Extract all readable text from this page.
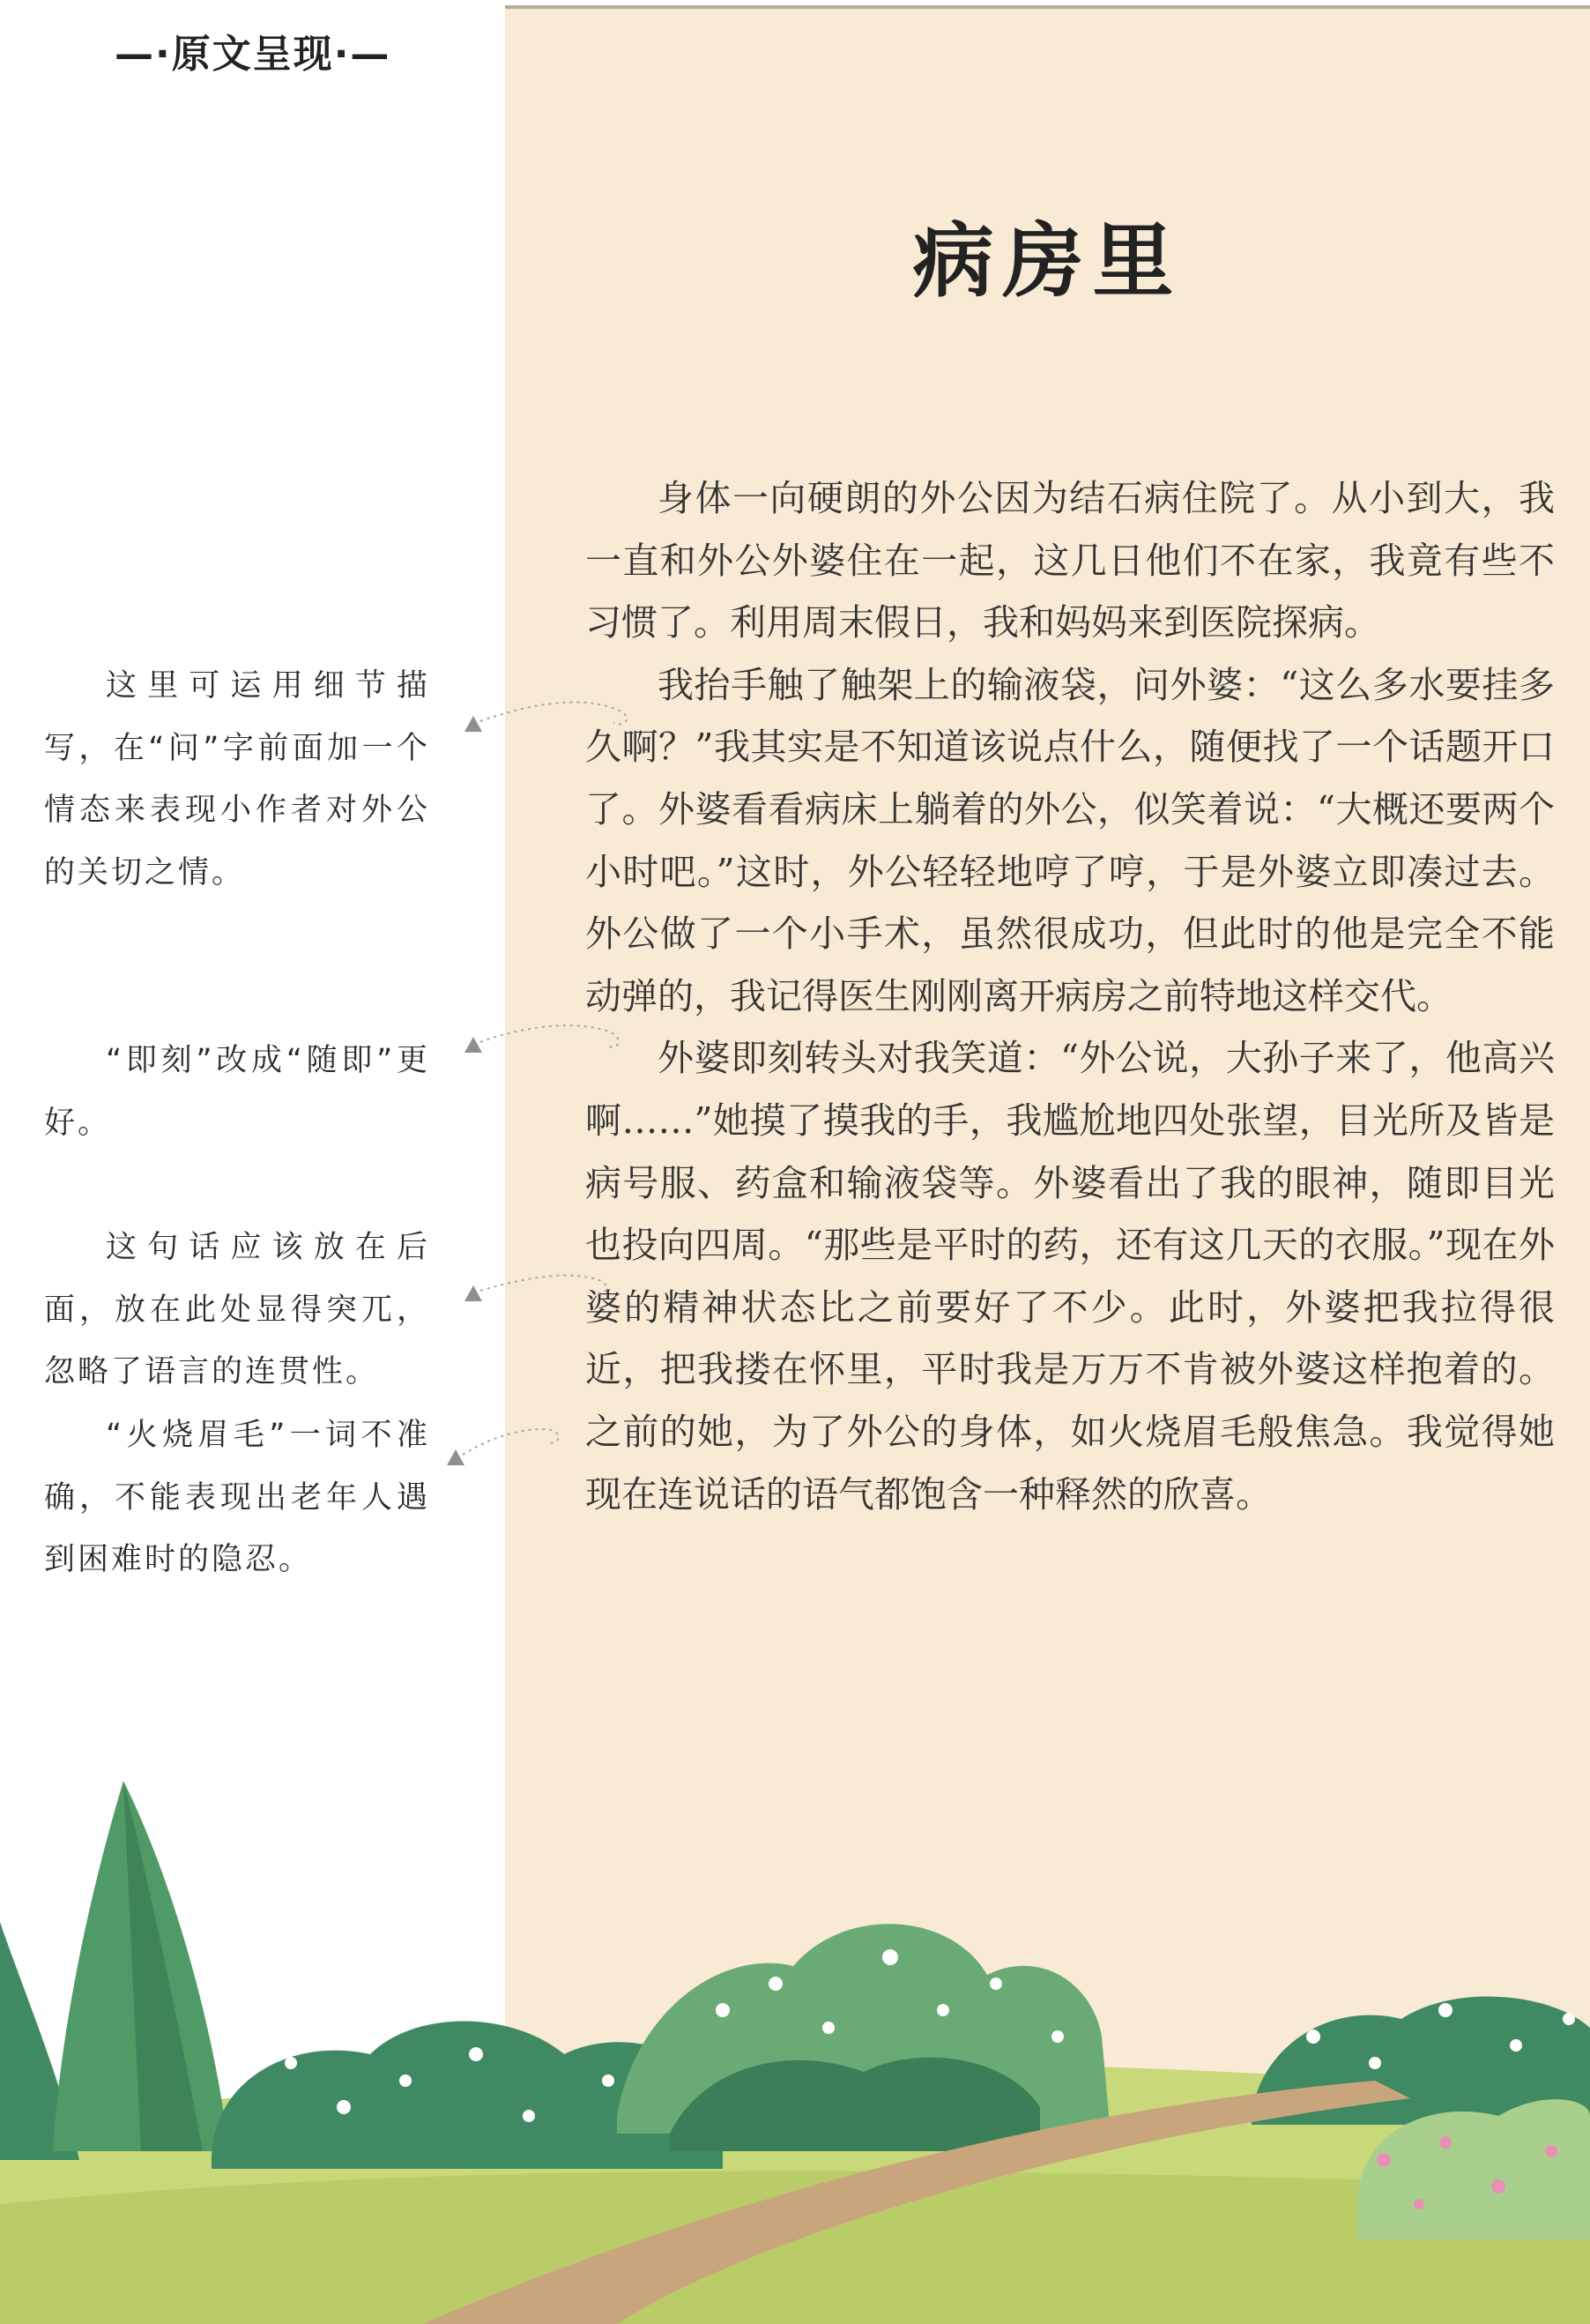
—·原文呈现·—
病房里

身体一向硬朗的外公因为结石病住院了。从小到大，我一直和外公外婆住在一起，这几日他们不在家，我竟有些不习惯了。利用周末假日，我和妈妈来到医院探病。

我抬手触了触架上的输液袋，问外婆：“这么多水要挂多久啊？”我其实是不知道该说点什么，随便找了一个话题开口了。外婆看看病床上躺着的外公，似笑着说：“大概还要两个小时吧。”这时，外公轻轻地哼了哼，于是外婆立即凑过去。外公做了一个小手术，虽然很成功，但此时的他是完全不能动弹的，我记得医生刚刚离开病房之前特地这样交代。

外婆即刻转头对我笑道：“外公说，大孙子来了，他高兴啊……”她摸了摸我的手，我尴尬地四处张望，目光所及皆是病号服、药盒和输液袋等。外婆看出了我的眼神，随即目光也投向四周。“那些是平时的药，还有这几天的衣服。”现在外婆的精神状态比之前要好了不少。此时，外婆把我拉得很近，把我搂在怀里，平时我是万万不肯被外婆这样抱着的。之前的她，为了外公的身体，如火烧眉毛般焦急。我觉得她现在连说话的语气都饱含一种释然的欣喜。

这里可运用细节描写，在“问”字前面加一个情态来表现小作者对外公的关切之情。

“即刻”改成“随即”更好。

这句话应该放在后面，放在此处显得突兀，忽略了语言的连贯性。

“火烧眉毛”一词不准确，不能表现出老年人遇到困难时的隐忍。
